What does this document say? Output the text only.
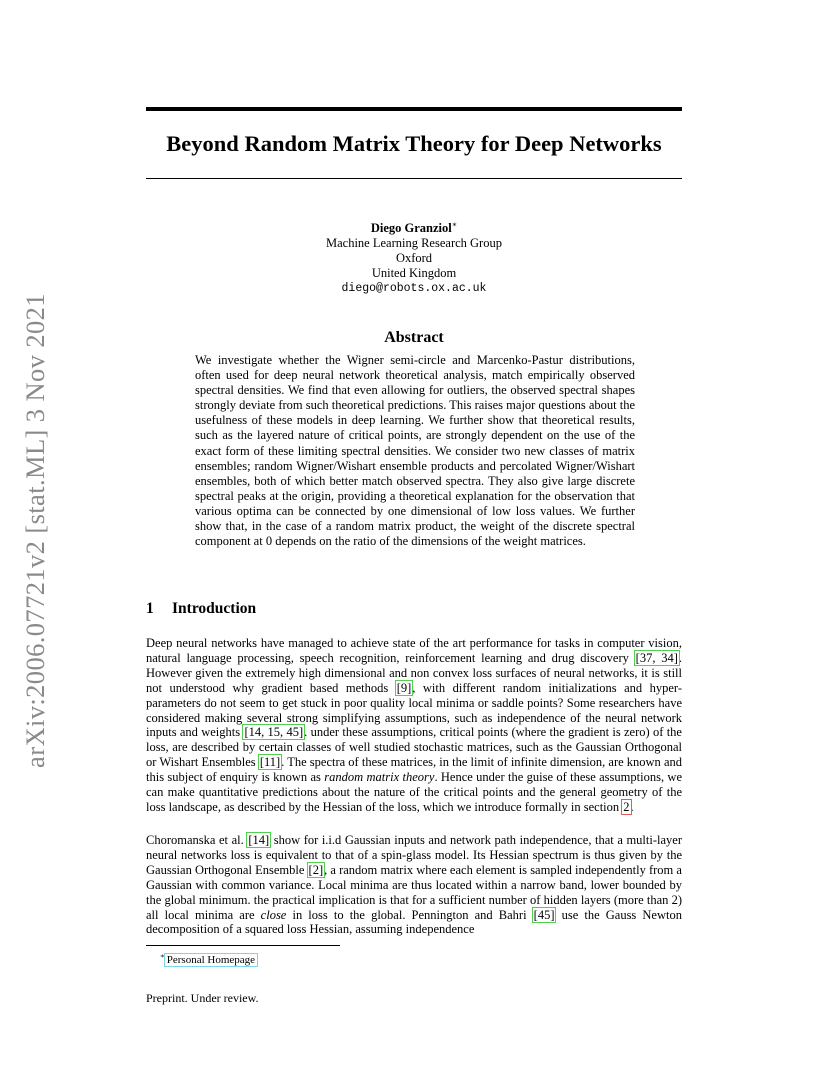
arXiv:2006.07721v2 [stat.ML] 3 Nov 2021
Beyond Random Matrix Theory for Deep Networks
Diego Granziol∗
Machine Learning Research Group
Oxford
United Kingdom
diego@robots.ox.ac.uk
Abstract
We investigate whether the Wigner semi-circle and Marcenko-Pastur distributions, often used for deep neural network theoretical analysis, match empirically observed spectral densities. We find that even allowing for outliers, the observed spectral shapes strongly deviate from such theoretical predictions. This raises major questions about the usefulness of these models in deep learning. We further show that theoretical results, such as the layered nature of critical points, are strongly dependent on the use of the exact form of these limiting spectral densities. We consider two new classes of matrix ensembles; random Wigner/Wishart ensemble products and percolated Wigner/Wishart ensembles, both of which better match observed spectra. They also give large discrete spectral peaks at the origin, providing a theoretical explanation for the observation that various optima can be connected by one dimensional of low loss values. We further show that, in the case of a random matrix product, the weight of the discrete spectral component at 0 depends on the ratio of the dimensions of the weight matrices.
1 Introduction
Deep neural networks have managed to achieve state of the art performance for tasks in computer vision, natural language processing, speech recognition, reinforcement learning and drug discovery [37, 34]. However given the extremely high dimensional and non convex loss surfaces of neural networks, it is still not understood why gradient based methods [9], with different random initializations and hyper-parameters do not seem to get stuck in poor quality local minima or saddle points? Some researchers have considered making several strong simplifying assumptions, such as independence of the neural network inputs and weights [14, 15, 45]. under these assumptions, critical points (where the gradient is zero) of the loss, are described by certain classes of well studied stochastic matrices, such as the Gaussian Orthogonal or Wishart Ensembles [11]. The spectra of these matrices, in the limit of infinite dimension, are known and this subject of enquiry is known as random matrix theory. Hence under the guise of these assumptions, we can make quantitative predictions about the nature of the critical points and the general geometry of the loss landscape, as described by the Hessian of the loss, which we introduce formally in section 2.
Choromanska et al. [14] show for i.i.d Gaussian inputs and network path independence, that a multi-layer neural networks loss is equivalent to that of a spin-glass model. Its Hessian spectrum is thus given by the Gaussian Orthogonal Ensemble [2], a random matrix where each element is sampled independently from a Gaussian with common variance. Local minima are thus located within a narrow band, lower bounded by the global minimum. the practical implication is that for a sufficient number of hidden layers (more than 2) all local minima are close in loss to the global. Pennington and Bahri [45] use the Gauss Newton decomposition of a squared loss Hessian, assuming independence
∗ Personal Homepage
Preprint. Under review.
